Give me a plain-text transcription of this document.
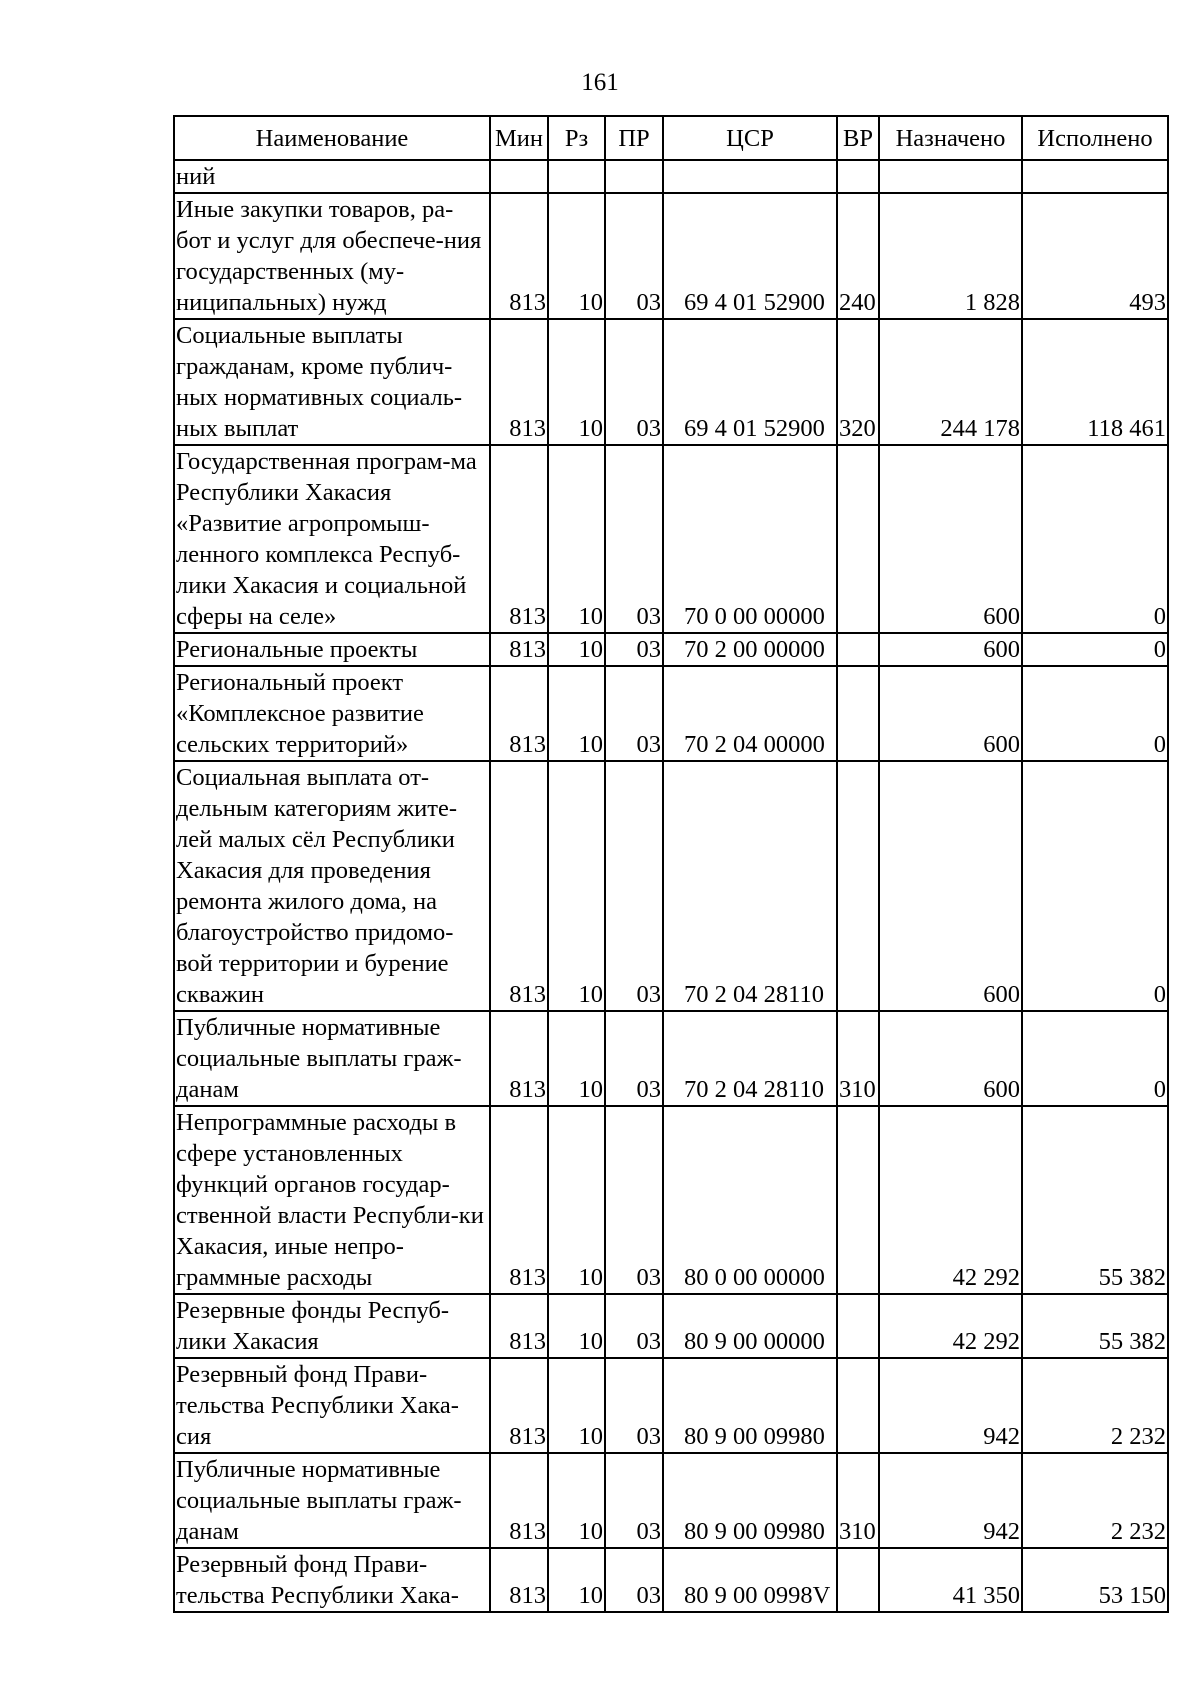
161
Наименование	Мин	Рз	ПР	ЦСР	ВР	Назначено	Исполнено
ний							
Иные закупки товаров, ра-бот и услуг для обеспече-ния государственных (му-ниципальных) нужд	813	10	03	69 4 01 52900	240	1 828	493
Социальные выплаты гражданам, кроме публич-ных нормативных социаль-ных выплат	813	10	03	69 4 01 52900	320	244 178	118 461
Государственная програм-ма Республики Хакасия «Развитие агропромыш-ленного комплекса Респуб-лики Хакасия и социальной сферы на селе»	813	10	03	70 0 00 00000		600	0
Региональные проекты	813	10	03	70 2 00 00000		600	0
Региональный проект «Комплексное развитие сельских территорий»	813	10	03	70 2 04 00000		600	0
Социальная выплата от-дельным категориям жите-лей малых сёл Республики Хакасия для проведения ремонта жилого дома, на благоустройство придомо-вой территории и бурение скважин	813	10	03	70 2 04 28110		600	0
Публичные нормативные социальные выплаты граж-данам	813	10	03	70 2 04 28110	310	600	0
Непрограммные расходы в сфере установленных функций органов государ-ственной власти Республи-ки Хакасия, иные непро-граммные расходы	813	10	03	80 0 00 00000		42 292	55 382
Резервные фонды Респуб-лики Хакасия	813	10	03	80 9 00 00000		42 292	55 382
Резервный фонд Прави-тельства Республики Хака-сия	813	10	03	80 9 00 09980		942	2 232
Публичные нормативные социальные выплаты граж-данам	813	10	03	80 9 00 09980	310	942	2 232
Резервный фонд Прави-тельства Республики Хака-	813	10	03	80 9 00 0998V		41 350	53 150
